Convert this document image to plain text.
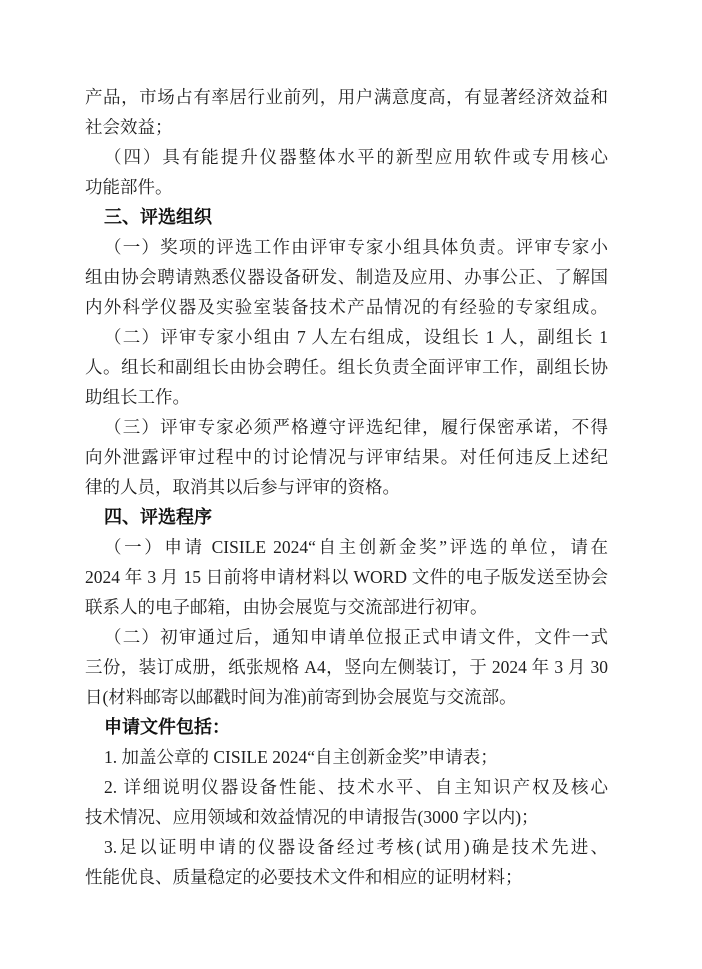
产品，市场占有率居行业前列，用户满意度高，有显著经济效益和
社会效益；
（四）具有能提升仪器整体水平的新型应用软件或专用核心
功能部件。
三、评选组织
（一）奖项的评选工作由评审专家小组具体负责。评审专家小
组由协会聘请熟悉仪器设备研发、制造及应用、办事公正、了解国
内外科学仪器及实验室装备技术产品情况的有经验的专家组成。
（二）评审专家小组由 7 人左右组成，设组长 1 人，副组长 1
人。组长和副组长由协会聘任。组长负责全面评审工作，副组长协
助组长工作。
（三）评审专家必须严格遵守评选纪律，履行保密承诺，不得
向外泄露评审过程中的讨论情况与评审结果。对任何违反上述纪
律的人员，取消其以后参与评审的资格。
四、评选程序
（一）申请 CISILE 2024“自主创新金奖”评选的单位，请在
2024 年 3 月 15 日前将申请材料以 WORD 文件的电子版发送至协会
联系人的电子邮箱，由协会展览与交流部进行初审。
（二）初审通过后，通知申请单位报正式申请文件，文件一式
三份，装订成册，纸张规格 A4，竖向左侧装订，于 2024 年 3 月 30
日(材料邮寄以邮戳时间为准)前寄到协会展览与交流部。
申请文件包括：
1. 加盖公章的 CISILE 2024“自主创新金奖”申请表；
2. 详细说明仪器设备性能、技术水平、自主知识产权及核心
技术情况、应用领域和效益情况的申请报告(3000 字以内)；
3.足以证明申请的仪器设备经过考核(试用)确是技术先进、
性能优良、质量稳定的必要技术文件和相应的证明材料；
